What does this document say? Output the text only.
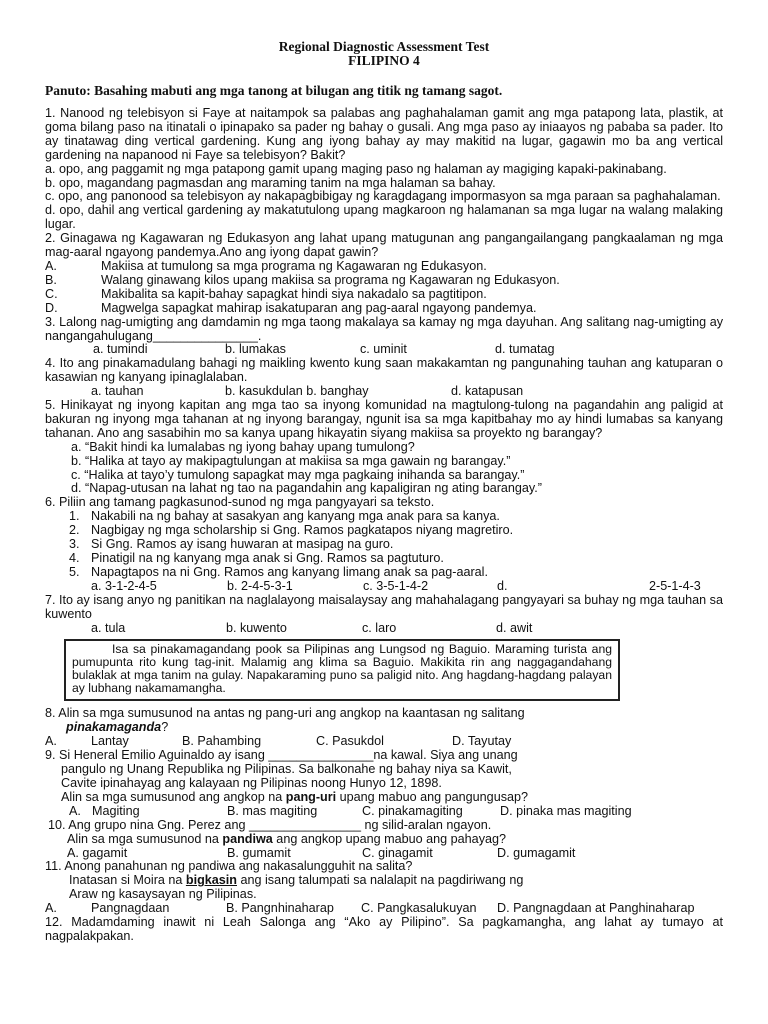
Regional Diagnostic Assessment Test
FILIPINO 4
Panuto: Basahing mabuti ang mga tanong at bilugan ang titik ng tamang sagot.

1. Nanood ng telebisyon si Faye at naitampok sa palabas ang paghahalaman gamit ang mga patapong lata, plastik, at goma bilang paso na itinatali o ipinapako sa pader ng bahay o gusali. Ang mga paso ay iniaayos ng pababa sa pader. Ito ay tinatawag ding vertical gardening. Kung ang iyong bahay ay may makitid na lugar, gagawin mo ba ang vertical gardening na napanood ni Faye sa telebisyon? Bakit?

a. opo, ang paggamit ng mga patapong gamit upang maging paso ng halaman ay magiging kapaki-pakinabang.

b. opo, magandang pagmasdan ang maraming tanim na mga halaman sa bahay.

c. opo, ang panonood sa telebisyon ay nakapagbibigay ng karagdagang impormasyon sa mga paraan sa paghahalaman.

d. opo, dahil ang vertical gardening ay makatutulong upang magkaroon ng halamanan sa mga lugar na walang malaking lugar.

2. Ginagawa ng Kagawaran ng Edukasyon ang lahat upang matugunan ang pangangailangang pangkaalaman ng mga mag-aaral ngayong pandemya.Ano ang iyong dapat gawin?

A.	Makiisa at tumulong sa mga programa ng Kagawaran ng Edukasyon.
B.	Walang ginawang kilos upang makiisa sa programa ng Kagawaran ng Edukasyon.
C.	Makibalita sa kapit-bahay sapagkat hindi siya nakadalo sa pagtitipon.
D.	Magwelga sapagkat mahirap isakatuparan ang pag-aaral ngayong pandemya.

3. Lalong nag-umigting ang damdamin ng mga taong makalaya sa kamay ng mga dayuhan. Ang salitang nag-umigting ay nangangahulugang_______________.

a. tumindi	b. lumakas	c. uminit	d. tumatag

4. Ito ang pinakamadulang bahagi ng maikling kwento kung saan makakamtan ng pangunahing tauhan ang katuparan o kasawian ng kanyang ipinaglalaban.

a. tauhan	b. kasukdulan b. banghay	d. katapusan

5. Hinikayat ng inyong kapitan ang mga tao sa inyong komunidad na magtulong-tulong na pagandahin ang paligid at bakuran ng inyong mga tahanan at ng inyong barangay, ngunit isa sa mga kapitbahay mo ay hindi lumabas sa kanyang tahanan. Ano ang sasabihin mo sa kanya upang hikayatin siyang makiisa sa proyekto ng barangay?

a. “Bakit hindi ka lumalabas ng iyong bahay upang tumulong?
b. “Halika at tayo ay makipagtulungan at makiisa sa mga gawain ng barangay.”
c. “Halika at tayo’y tumulong sapagkat may mga pagkaing inihanda sa barangay.”
d. “Napag-utusan na lahat ng tao na pagandahin ang kapaligiran ng ating barangay.”

6. Piliin ang tamang pagkasunod-sunod ng mga pangyayari sa teksto.

1. Nakabili na ng bahay at sasakyan ang kanyang mga anak para sa kanya.
2. Nagbigay ng mga scholarship si Gng. Ramos pagkatapos niyang magretiro.
3. Si Gng. Ramos ay isang huwaran at masipag na guro.
4. Pinatigil na ng kanyang mga anak si Gng. Ramos sa pagtuturo.
5. Napagtapos na ni Gng. Ramos ang kanyang limang anak sa pag-aaral.
a. 3-1-2-4-5	b. 2-4-5-3-1	c. 3-5-1-4-2	d.	2-5-1-4-3

7. Ito ay isang anyo ng panitikan na naglalayong maisalaysay ang mahahalagang pangyayari sa buhay ng mga tauhan sa kuwento

a. tula	b. kuwento	c. laro	d. awit

Isa sa pinakamagandang pook sa Pilipinas ang Lungsod ng Baguio. Maraming turista ang pumupunta rito kung tag-init. Malamig ang klima sa Baguio. Makikita rin ang naggagandahang bulaklak at mga tanim na gulay. Napakaraming puno sa paligid nito. Ang hagdang-hagdang palayan ay lubhang nakamamangha.

8. Alin sa mga sumusunod na antas ng pang-uri ang angkop na kaantasan ng salitang
pinakamaganda?
A.	Lantay	B. Pahambing	C. Pasukdol	D. Tayutay
9. Si Heneral Emilio Aguinaldo ay isang _______________na kawal. Siya ang unang
pangulo ng Unang Republika ng Pilipinas. Sa balkonahe ng bahay niya sa Kawit,
Cavite ipinahayag ang kalayaan ng Pilipinas noong Hunyo 12, 1898.
Alin sa mga sumusunod ang angkop na pang-uri upang mabuo ang pangungusap?
A. Magiting	B. mas magiting	C. pinakamagiting	D. pinaka mas magiting
10. Ang grupo nina Gng. Perez ang ________________ ng silid-aralan ngayon.
Alin sa mga sumusunod na pandiwa ang angkop upang mabuo ang pahayag?
A. gagamit	B. gumamit	C. ginagamit	D. gumagamit
11. Anong panahunan ng pandiwa ang nakasalungguhit na salita?
Inatasan si Moira na bigkasin ang isang talumpati sa nalalapit na pagdiriwang ng
Araw ng kasaysayan ng Pilipinas.
A.	Pangnagdaan	B. Pangnhinaharap	C. Pangkasalukuyan	D. Pangnagdaan at Panghinaharap

12. Madamdaming inawit ni Leah Salonga ang “Ako ay Pilipino”. Sa pagkamangha, ang lahat ay tumayo at nagpalakpakan.
